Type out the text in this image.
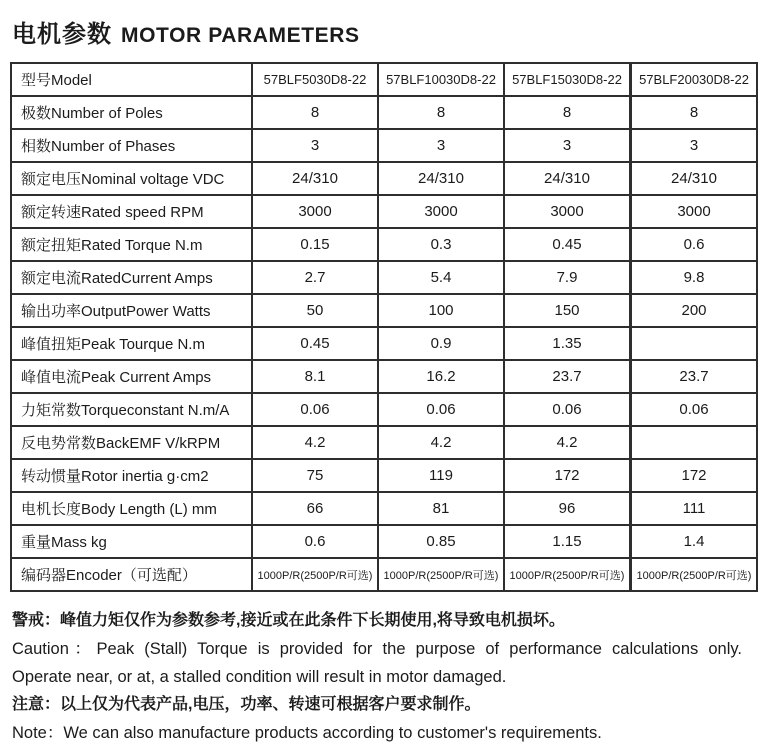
电机参数 MOTOR PARAMETERS
型号Model	57BLF5030D8-22	57BLF10030D8-22	57BLF15030D8-22	57BLF20030D8-22
极数Number of Poles	8	8	8	8
相数Number of Phases	3	3	3	3
额定电压Nominal voltage VDC	24/310	24/310	24/310	24/310
额定转速Rated speed RPM	3000	3000	3000	3000
额定扭矩Rated Torque N.m	0.15	0.3	0.45	0.6
额定电流RatedCurrent Amps	2.7	5.4	7.9	9.8
输出功率OutputPower Watts	50	100	150	200
峰值扭矩Peak Tourque N.m	0.45	0.9	1.35	
峰值电流Peak Current Amps	8.1	16.2	23.7	23.7
力矩常数Torqueconstant N.m/A	0.06	0.06	0.06	0.06
反电势常数BackEMF V/kRPM	4.2	4.2	4.2	
转动惯量Rotor inertia g·cm2	75	119	172	172
电机长度Body Length (L) mm	66	81	96	111
重量Mass kg	0.6	0.85	1.15	1.4
编码器Encoder（可选配）	1000P/R(2500P/R可选)	1000P/R(2500P/R可选)	1000P/R(2500P/R可选)	1000P/R(2500P/R可选)
警戒：峰值力矩仅作为参数参考,接近或在此条件下长期使用,将导致电机损坏。
Caution：Peak (Stall) Torque is provided for the purpose of performance calculations only.
Operate near, or at, a stalled condition will result in motor damaged.
注意：以上仅为代表产品,电压，功率、转速可根据客户要求制作。
Note：We can also manufacture products according to customer's requirements.
